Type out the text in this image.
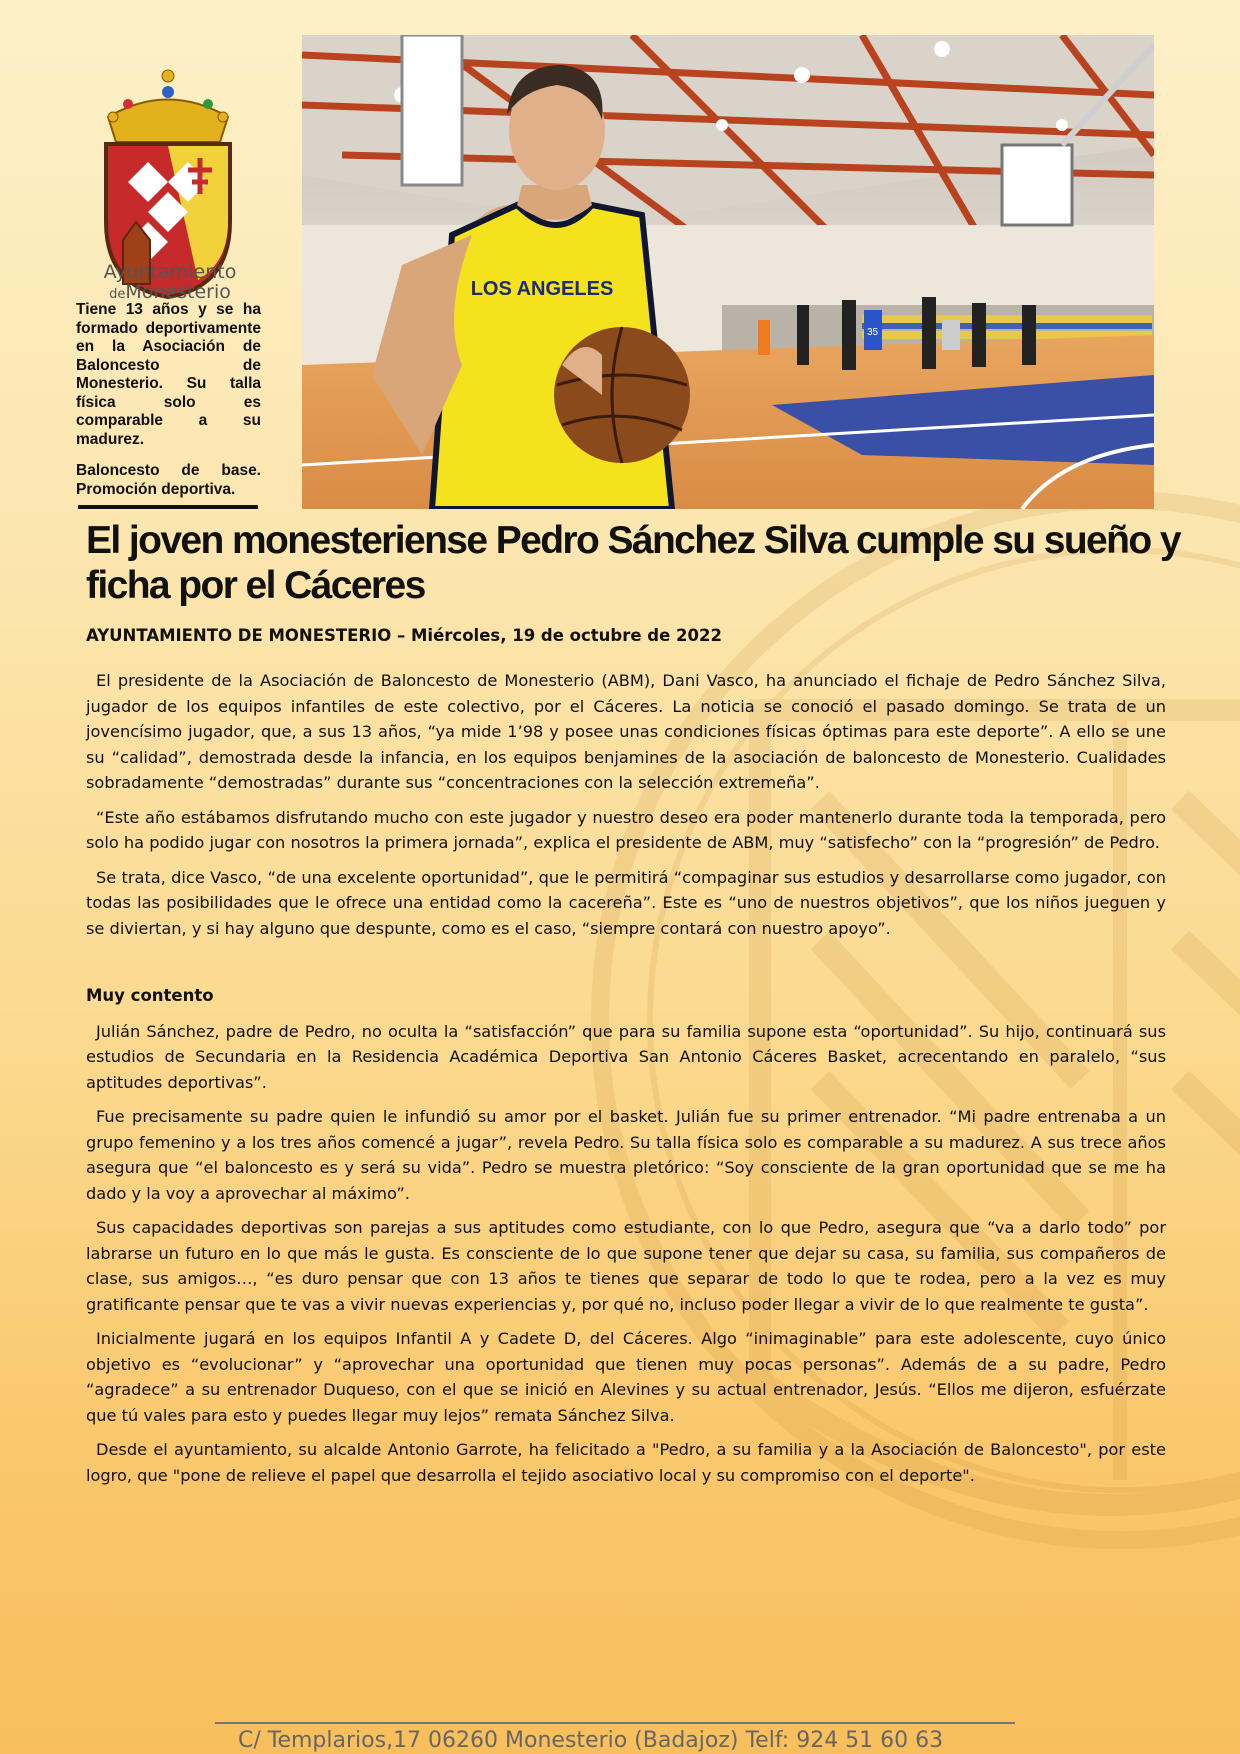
Ayuntamiento
deMonesterio

Tiene 13 años y se ha formado deportivamente en la Asociación de Baloncesto de Monesterio. Su talla física solo es comparable a su madurez.

Baloncesto de base. Promoción deportiva.

35
LOS ANGELES
El joven monesteriense Pedro Sánchez Silva cumple su sueño y ficha por el Cáceres
AYUNTAMIENTO DE MONESTERIO – Miércoles, 19 de octubre de 2022

El presidente de la Asociación de Baloncesto de Monesterio (ABM), Dani Vasco, ha anunciado el fichaje de Pedro Sánchez Silva, jugador de los equipos infantiles de este colectivo, por el Cáceres. La noticia se conoció el pasado domingo. Se trata de un jovencísimo jugador, que, a sus 13 años, “ya mide 1’98 y posee unas condiciones físicas óptimas para este deporte”. A ello se une su “calidad”, demostrada desde la infancia, en los equipos benjamines de la asociación de baloncesto de Monesterio. Cualidades sobradamente “demostradas” durante sus “concentraciones con la selección extremeña”.

“Este año estábamos disfrutando mucho con este jugador y nuestro deseo era poder mantenerlo durante toda la temporada, pero solo ha podido jugar con nosotros la primera jornada”, explica el presidente de ABM, muy “satisfecho” con la “progresión” de Pedro.

Se trata, dice Vasco, “de una excelente oportunidad”, que le permitirá “compaginar sus estudios y desarrollarse como jugador, con todas las posibilidades que le ofrece una entidad como la cacereña”. Este es “uno de nuestros objetivos”, que los niños jueguen y se diviertan, y si hay alguno que despunte, como es el caso, “siempre contará con nuestro apoyo”.

Muy contento

Julián Sánchez, padre de Pedro, no oculta la “satisfacción” que para su familia supone esta “oportunidad”. Su hijo, continuará sus estudios de Secundaria en la Residencia Académica Deportiva San Antonio Cáceres Basket, acrecentando en paralelo, “sus aptitudes deportivas”.

Fue precisamente su padre quien le infundió su amor por el basket. Julián fue su primer entrenador. “Mi padre entrenaba a un grupo femenino y a los tres años comencé a jugar”, revela Pedro. Su talla física solo es comparable a su madurez. A sus trece años asegura que “el baloncesto es y será su vida”. Pedro se muestra pletórico: “Soy consciente de la gran oportunidad que se me ha dado y la voy a aprovechar al máximo”.

Sus capacidades deportivas son parejas a sus aptitudes como estudiante, con lo que Pedro, asegura que “va a darlo todo” por labrarse un futuro en lo que más le gusta. Es consciente de lo que supone tener que dejar su casa, su familia, sus compañeros de clase, sus amigos…, “es duro pensar que con 13 años te tienes que separar de todo lo que te rodea, pero a la vez es muy gratificante pensar que te vas a vivir nuevas experiencias y, por qué no, incluso poder llegar a vivir de lo que realmente te gusta”.

Inicialmente jugará en los equipos Infantil A y Cadete D, del Cáceres. Algo “inimaginable” para este adolescente, cuyo único objetivo es “evolucionar” y “aprovechar una oportunidad que tienen muy pocas personas”. Además de a su padre, Pedro “agradece” a su entrenador Duqueso, con el que se inició en Alevines y su actual entrenador, Jesús. “Ellos me dijeron, esfuérzate que tú vales para esto y puedes llegar muy lejos” remata Sánchez Silva.

Desde el ayuntamiento, su alcalde Antonio Garrote, ha felicitado a "Pedro, a su familia y a la Asociación de Baloncesto", por este logro, que "pone de relieve el papel que desarrolla el tejido asociativo local y su compromiso con el deporte".

C/ Templarios,17 06260 Monesterio (Badajoz) Telf: 924 51 60 63
